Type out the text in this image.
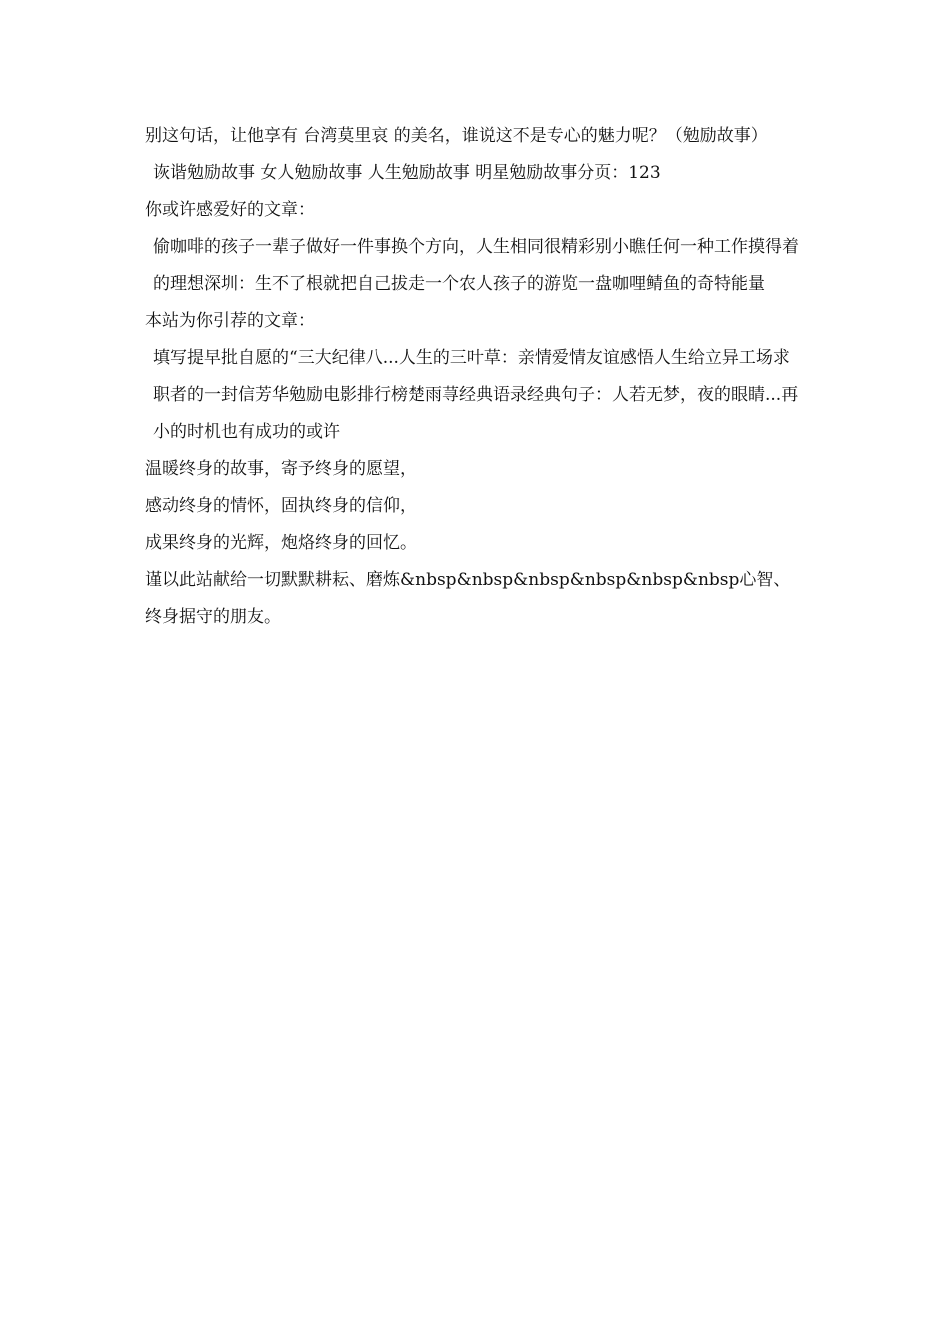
别这句话，让他享有 台湾莫里哀 的美名，谁说这不是专心的魅力呢？（勉励故事）

诙谐勉励故事 女人勉励故事 人生勉励故事 明星勉励故事分页：123

你或许感爱好的文章：

偷咖啡的孩子一辈子做好一件事换个方向，人生相同很精彩别小瞧任何一种工作摸得着的理想深圳：生不了根就把自己拔走一个农人孩子的游览一盘咖哩鲭鱼的奇特能量

本站为你引荐的文章：

填写提早批自愿的“三大纪律八...人生的三叶草：亲情爱情友谊感悟人生给立异工场求职者的一封信芳华勉励电影排行榜楚雨荨经典语录经典句子：人若无梦，夜的眼睛...再小的时机也有成功的或许

温暖终身的故事，寄予终身的愿望，

感动终身的情怀，固执终身的信仰，

成果终身的光辉，炮烙终身的回忆。

谨以此站献给一切默默耕耘、磨炼&nbsp&nbsp&nbsp&nbsp&nbsp&nbsp心智、终身据守的朋友。
